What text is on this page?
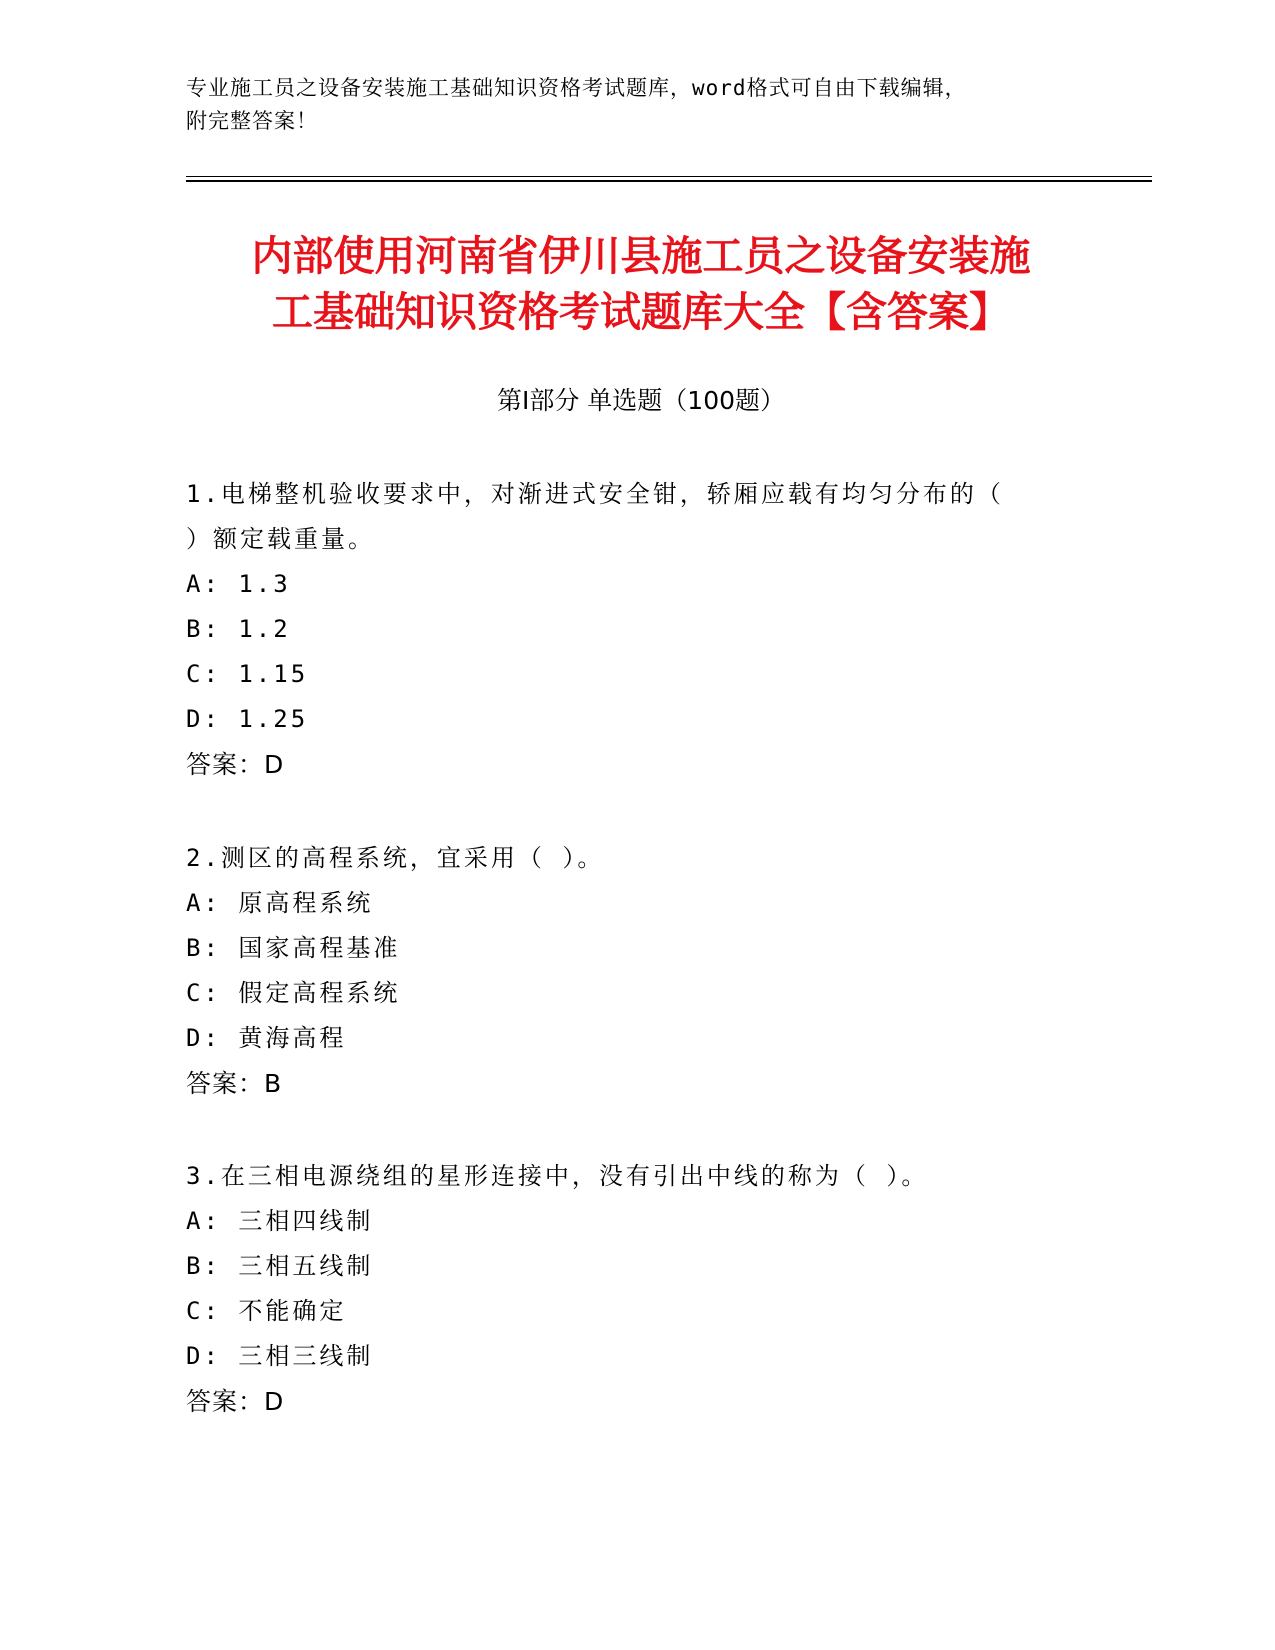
专业施工员之设备安装施工基础知识资格考试题库，word格式可自由下载编辑，
附完整答案！
内部使用河南省伊川县施工员之设备安装施
工基础知识资格考试题库大全【含答案】
第Ⅰ部分 单选题（100题）
1.电梯整机验收要求中，对渐进式安全钳，轿厢应载有均匀分布的（
）额定载重量。
A: 1.3
B: 1.2
C: 1.15
D: 1.25
答案：D
2.测区的高程系统，宜采用（ ）。
A: 原高程系统
B: 国家高程基准
C: 假定高程系统
D: 黄海高程
答案：B
3.在三相电源绕组的星形连接中，没有引出中线的称为（ ）。
A: 三相四线制
B: 三相五线制
C: 不能确定
D: 三相三线制
答案：D
